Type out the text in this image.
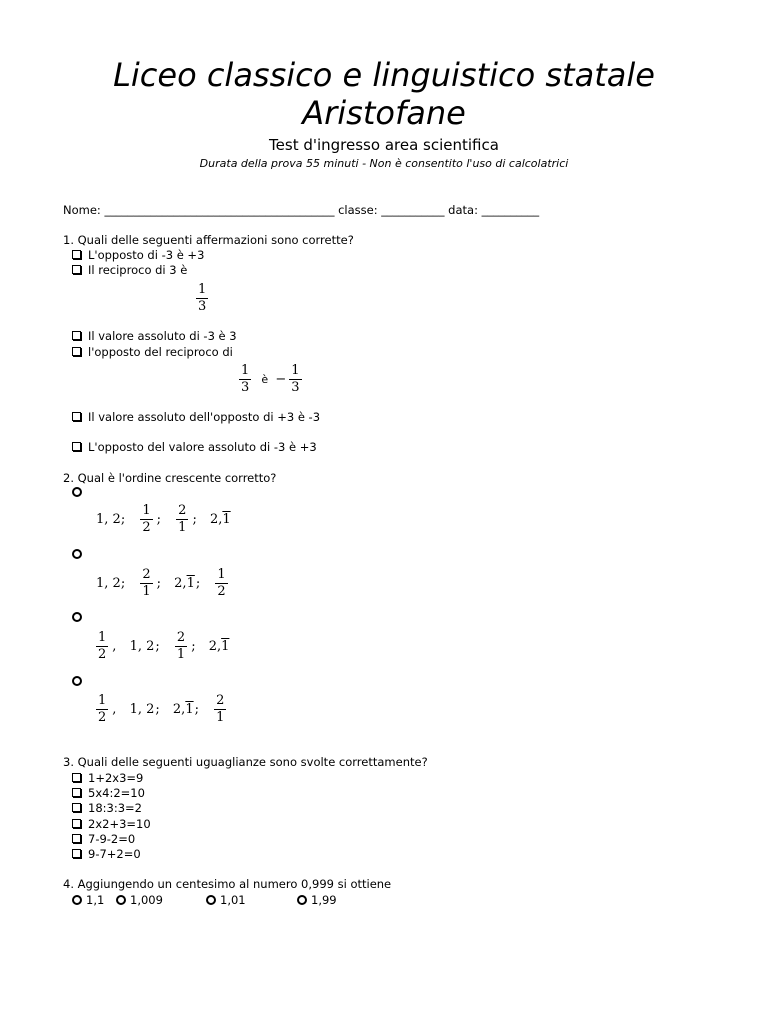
Liceo classico e linguistico statale
Aristofane
Test d'ingresso area scientifica
Durata della prova 55 minuti - Non è consentito l'uso di calcolatrici
Nome: ________________________________________ classe: ___________ data: __________
1. Quali delle seguenti affermazioni sono corrette?
L'opposto di -3 è +3
Il reciproco di 3 è
$\frac{1}{3}$
Il valore assoluto di -3 è 3
l'opposto del reciproco di
$\frac{1}{3}$ è − $\frac{1}{3}$
Il valore assoluto dell'opposto di +3 è -3
L'opposto del valore assoluto di -3 è +3
2. Qual è l'ordine crescente corretto?
1, 2; $\frac{1}{2}$ ; $\frac{2}{1}$ ; 2,1
1, 2; $\frac{2}{1}$ ; 2,1; $\frac{1}{2}$
$\frac{1}{2}$ , 1, 2; $\frac{2}{1}$ ; 2,1
$\frac{1}{2}$ , 1, 2; 2,1; $\frac{2}{1}$
3. Quali delle seguenti uguaglianze sono svolte correttamente?
1+2x3=9
5x4:2=10
18:3:3=2
2x2+3=10
7-9-2=0
9-7+2=0
4. Aggiungendo un centesimo al numero 0,999 si ottiene
1,1	1,009	1,01	1,99
